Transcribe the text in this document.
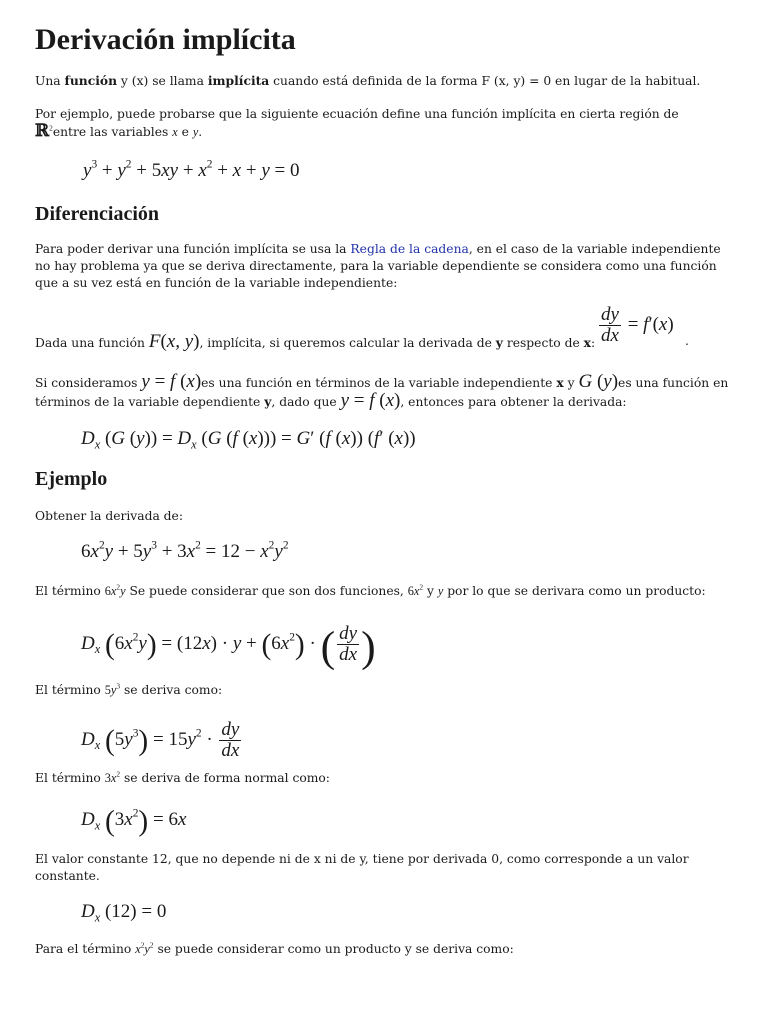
Derivación implícita

Una función y (x) se llama implícita cuando está definida de la forma F (x, y) = 0 en lugar de la habitual.

Por ejemplo, puede probarse que la siguiente ecuación define una función implícita en cierta región de ℝ$^2$entre las variables x e y.

$y^3 + y^2 + 5xy + x^2 + x + y = 0$
Diferenciación

Para poder derivar una función implícita se usa la Regla de la cadena, en el caso de la variable independiente no hay problema ya que se deriva directamente, para la variable dependiente se considera como una función que a su vez está en función de la variable independiente:

Dada una función F(x, y), implícita, si queremos calcular la derivada de y respecto de x: $\frac{dy}{dx} = f'(x)$

.

Si consideramos y = f (x)es una función en términos de la variable independiente x y G (y)es una función en términos de la variable dependiente y, dado que y = f (x), entonces para obtener la derivada:

$D_x$ (G $(y)) = D_x$ (G (f (x))) = G′ (f (x)) (f′ (x))
Ejemplo

Obtener la derivada de:

$6x^2y + 5y^3 + 3x^2 = 12 - x^2y^2$

El término $6x^2y$ Se puede considerar que son dos funciones, $6x^2$ y y por lo que se derivara como un producto:

$D_x$ $(6x^2y) = (12x) \cdot y + (6x^2)$ · ( $\frac{dy}{dx}$ )

El término $5y^3$ se deriva como:

$D_x$ $(5y^3) = 15y^2 \cdot \frac{dy}{dx}$

El término $3x^2$ se deriva de forma normal como:

$D_x$ $(3x^2) = 6x$

El valor constante 12, que no depende ni de x ni de y, tiene por derivada 0, como corresponde a un valor constante.

$D_x$ (12) = 0

Para el término $x^2y^2$ se puede considerar como un producto y se deriva como:
